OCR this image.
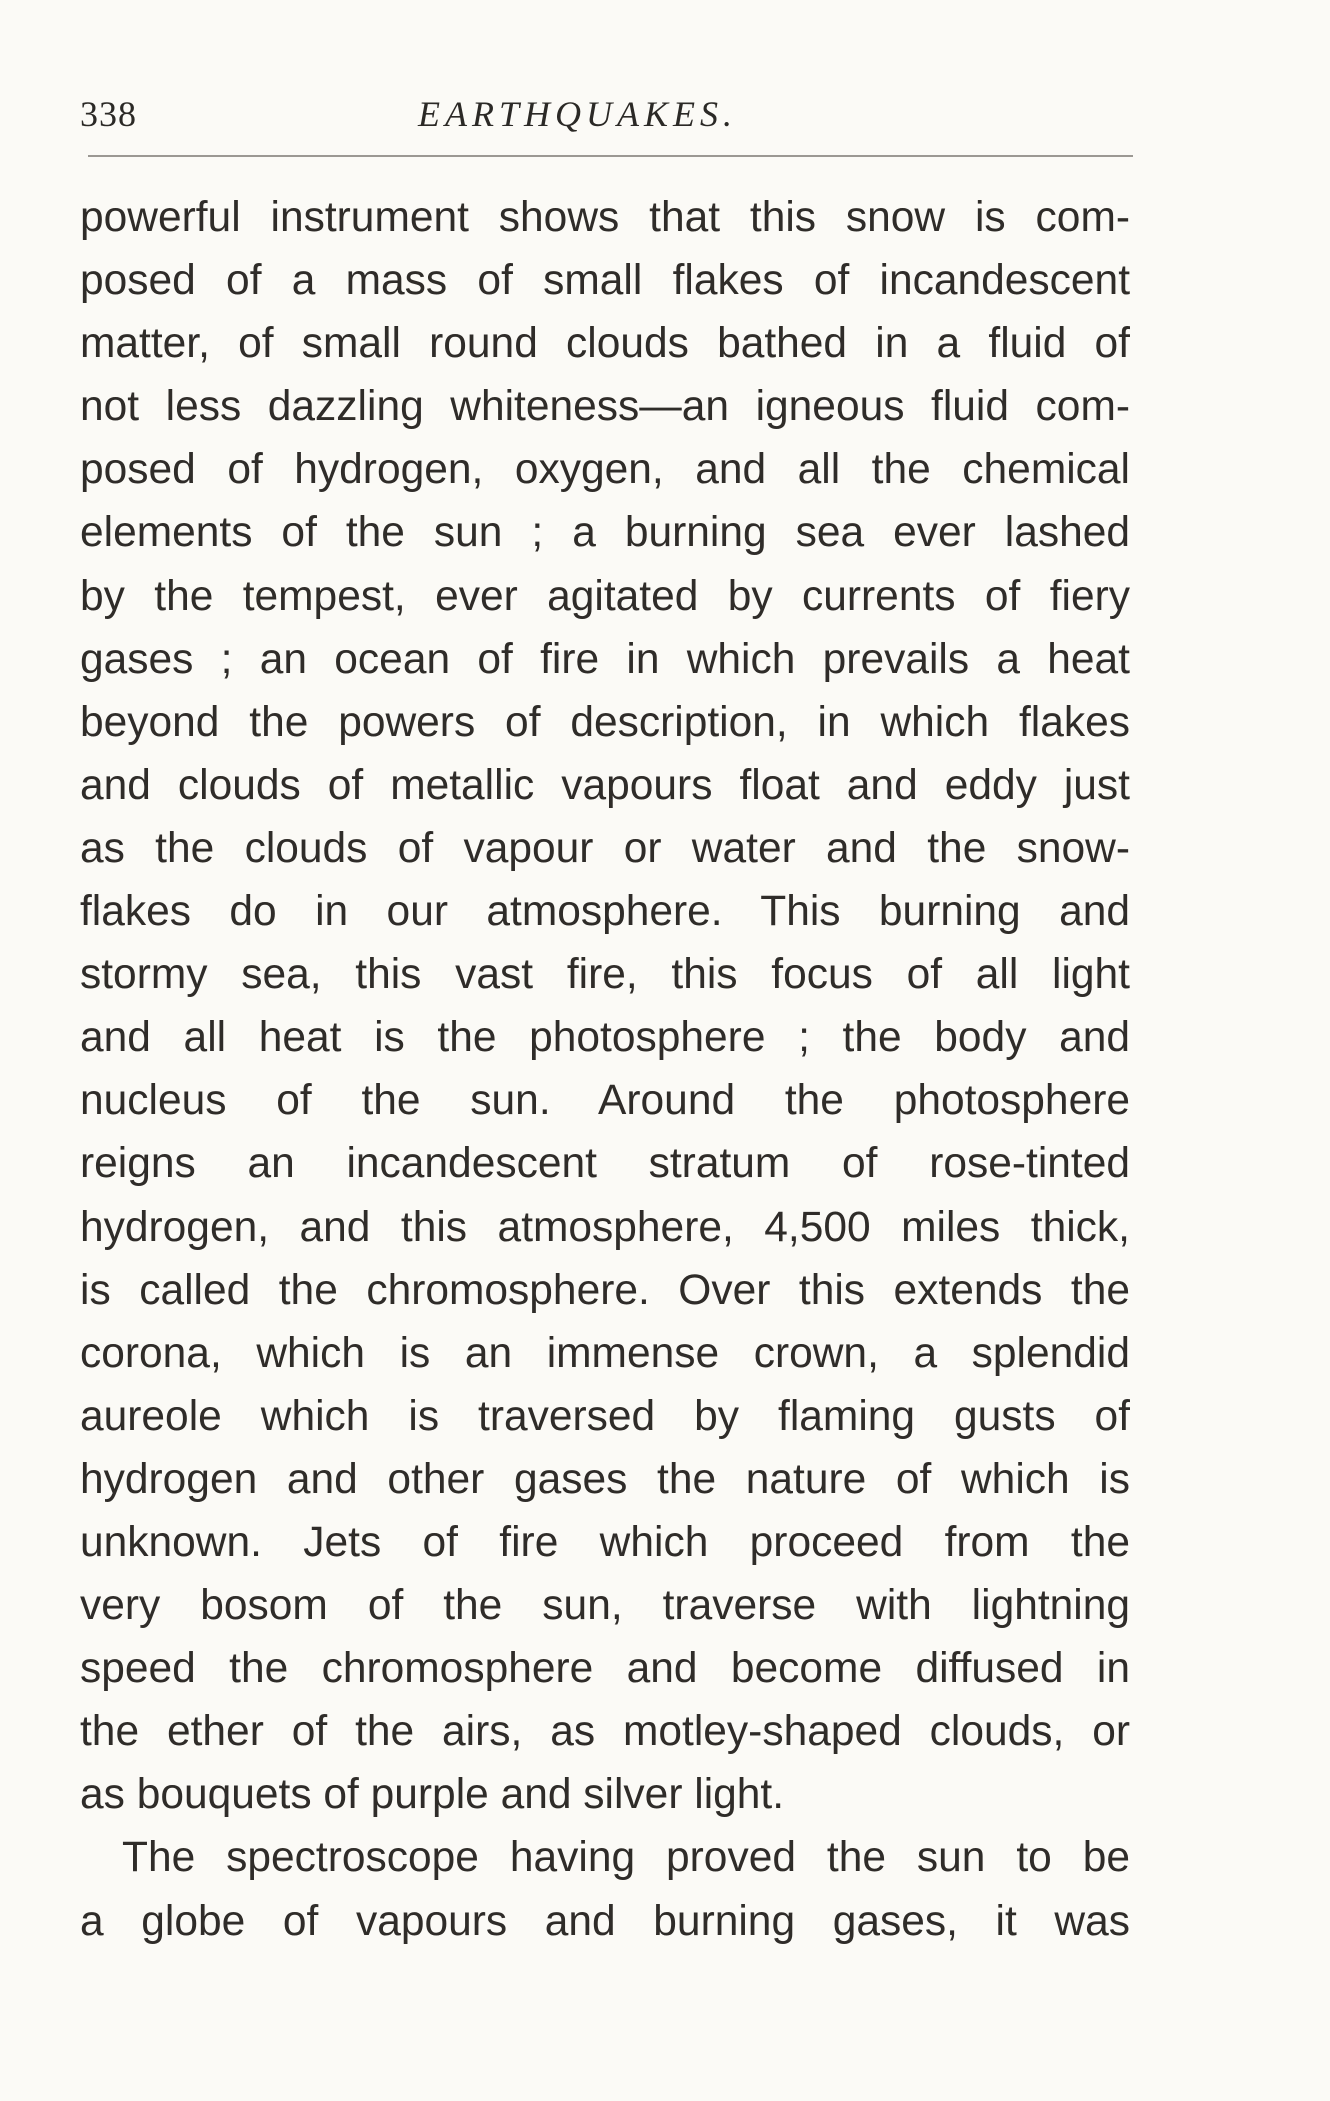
338	EARTHQUAKES.
powerful instrument shows that this snow is com-
posed of a mass of small flakes of incandescent
matter, of small round clouds bathed in a fluid of
not less dazzling whiteness—an igneous fluid com-
posed of hydrogen, oxygen, and all the chemical
elements of the sun ; a burning sea ever lashed
by the tempest, ever agitated by currents of fiery
gases ; an ocean of fire in which prevails a heat
beyond the powers of description, in which flakes
and clouds of metallic vapours float and eddy just
as the clouds of vapour or water and the snow-
flakes do in our atmosphere. This burning and
stormy sea, this vast fire, this focus of all light
and all heat is the photosphere ; the body and
nucleus of the sun. Around the photosphere
reigns an incandescent stratum of rose-tinted
hydrogen, and this atmosphere, 4,500 miles thick,
is called the chromosphere. Over this extends the
corona, which is an immense crown, a splendid
aureole which is traversed by flaming gusts of
hydrogen and other gases the nature of which is
unknown. Jets of fire which proceed from the
very bosom of the sun, traverse with lightning
speed the chromosphere and become diffused in
the ether of the airs, as motley-shaped clouds, or
as bouquets of purple and silver light.
The spectroscope having proved the sun to be
a globe of vapours and burning gases, it was
